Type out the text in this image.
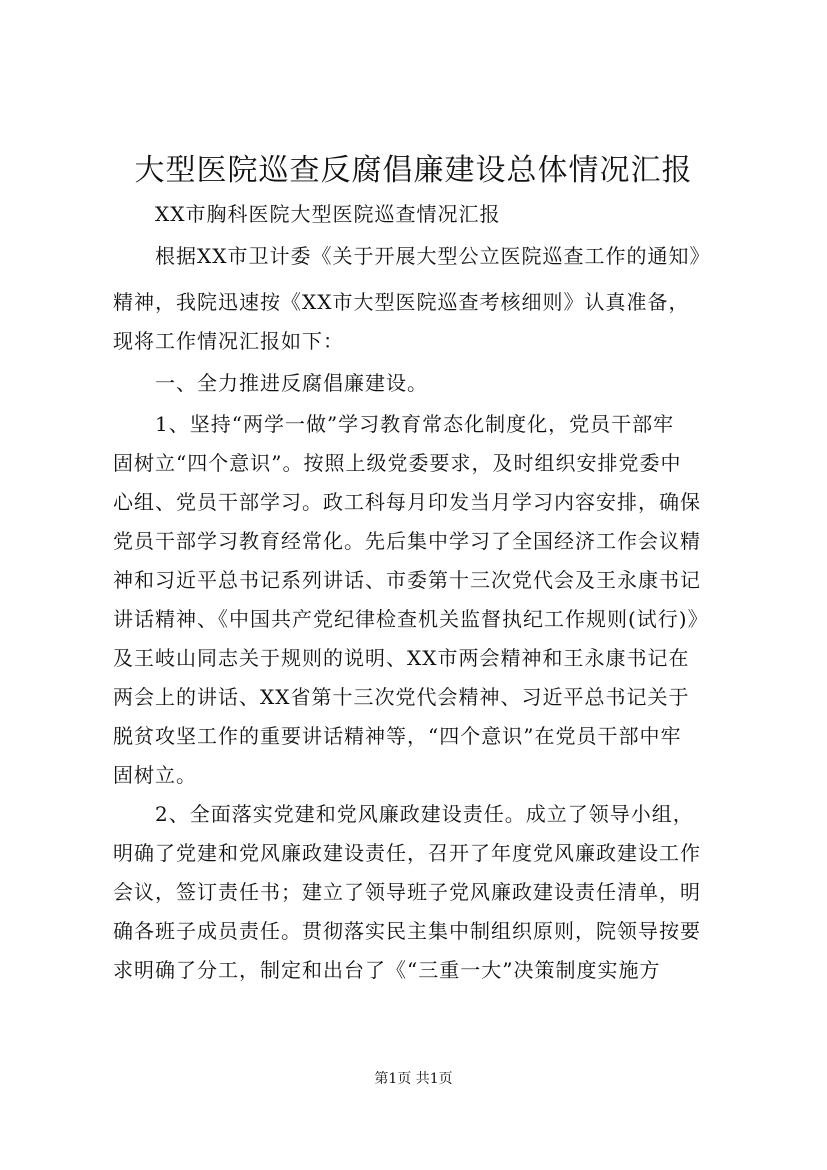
大型医院巡查反腐倡廉建设总体情况汇报
XX市胸科医院大型医院巡查情况汇报
根据XX市卫计委《关于开展大型公立医院巡查工作的通知》
精神，我院迅速按《XX市大型医院巡查考核细则》认真准备，
现将工作情况汇报如下：
一、全力推进反腐倡廉建设。
1、坚持“两学一做”学习教育常态化制度化，党员干部牢
固树立“四个意识”。按照上级党委要求，及时组织安排党委中
心组、党员干部学习。政工科每月印发当月学习内容安排，确保
党员干部学习教育经常化。先后集中学习了全国经济工作会议精
神和习近平总书记系列讲话、市委第十三次党代会及王永康书记
讲话精神、《中国共产党纪律检查机关监督执纪工作规则(试行)》
及王岐山同志关于规则的说明、XX市两会精神和王永康书记在
两会上的讲话、XX省第十三次党代会精神、习近平总书记关于
脱贫攻坚工作的重要讲话精神等，“四个意识”在党员干部中牢
固树立。
2、全面落实党建和党风廉政建设责任。成立了领导小组，
明确了党建和党风廉政建设责任，召开了年度党风廉政建设工作
会议，签订责任书；建立了领导班子党风廉政建设责任清单，明
确各班子成员责任。贯彻落实民主集中制组织原则，院领导按要
求明确了分工，制定和出台了《“三重一大”决策制度实施方
第1页 共1页
